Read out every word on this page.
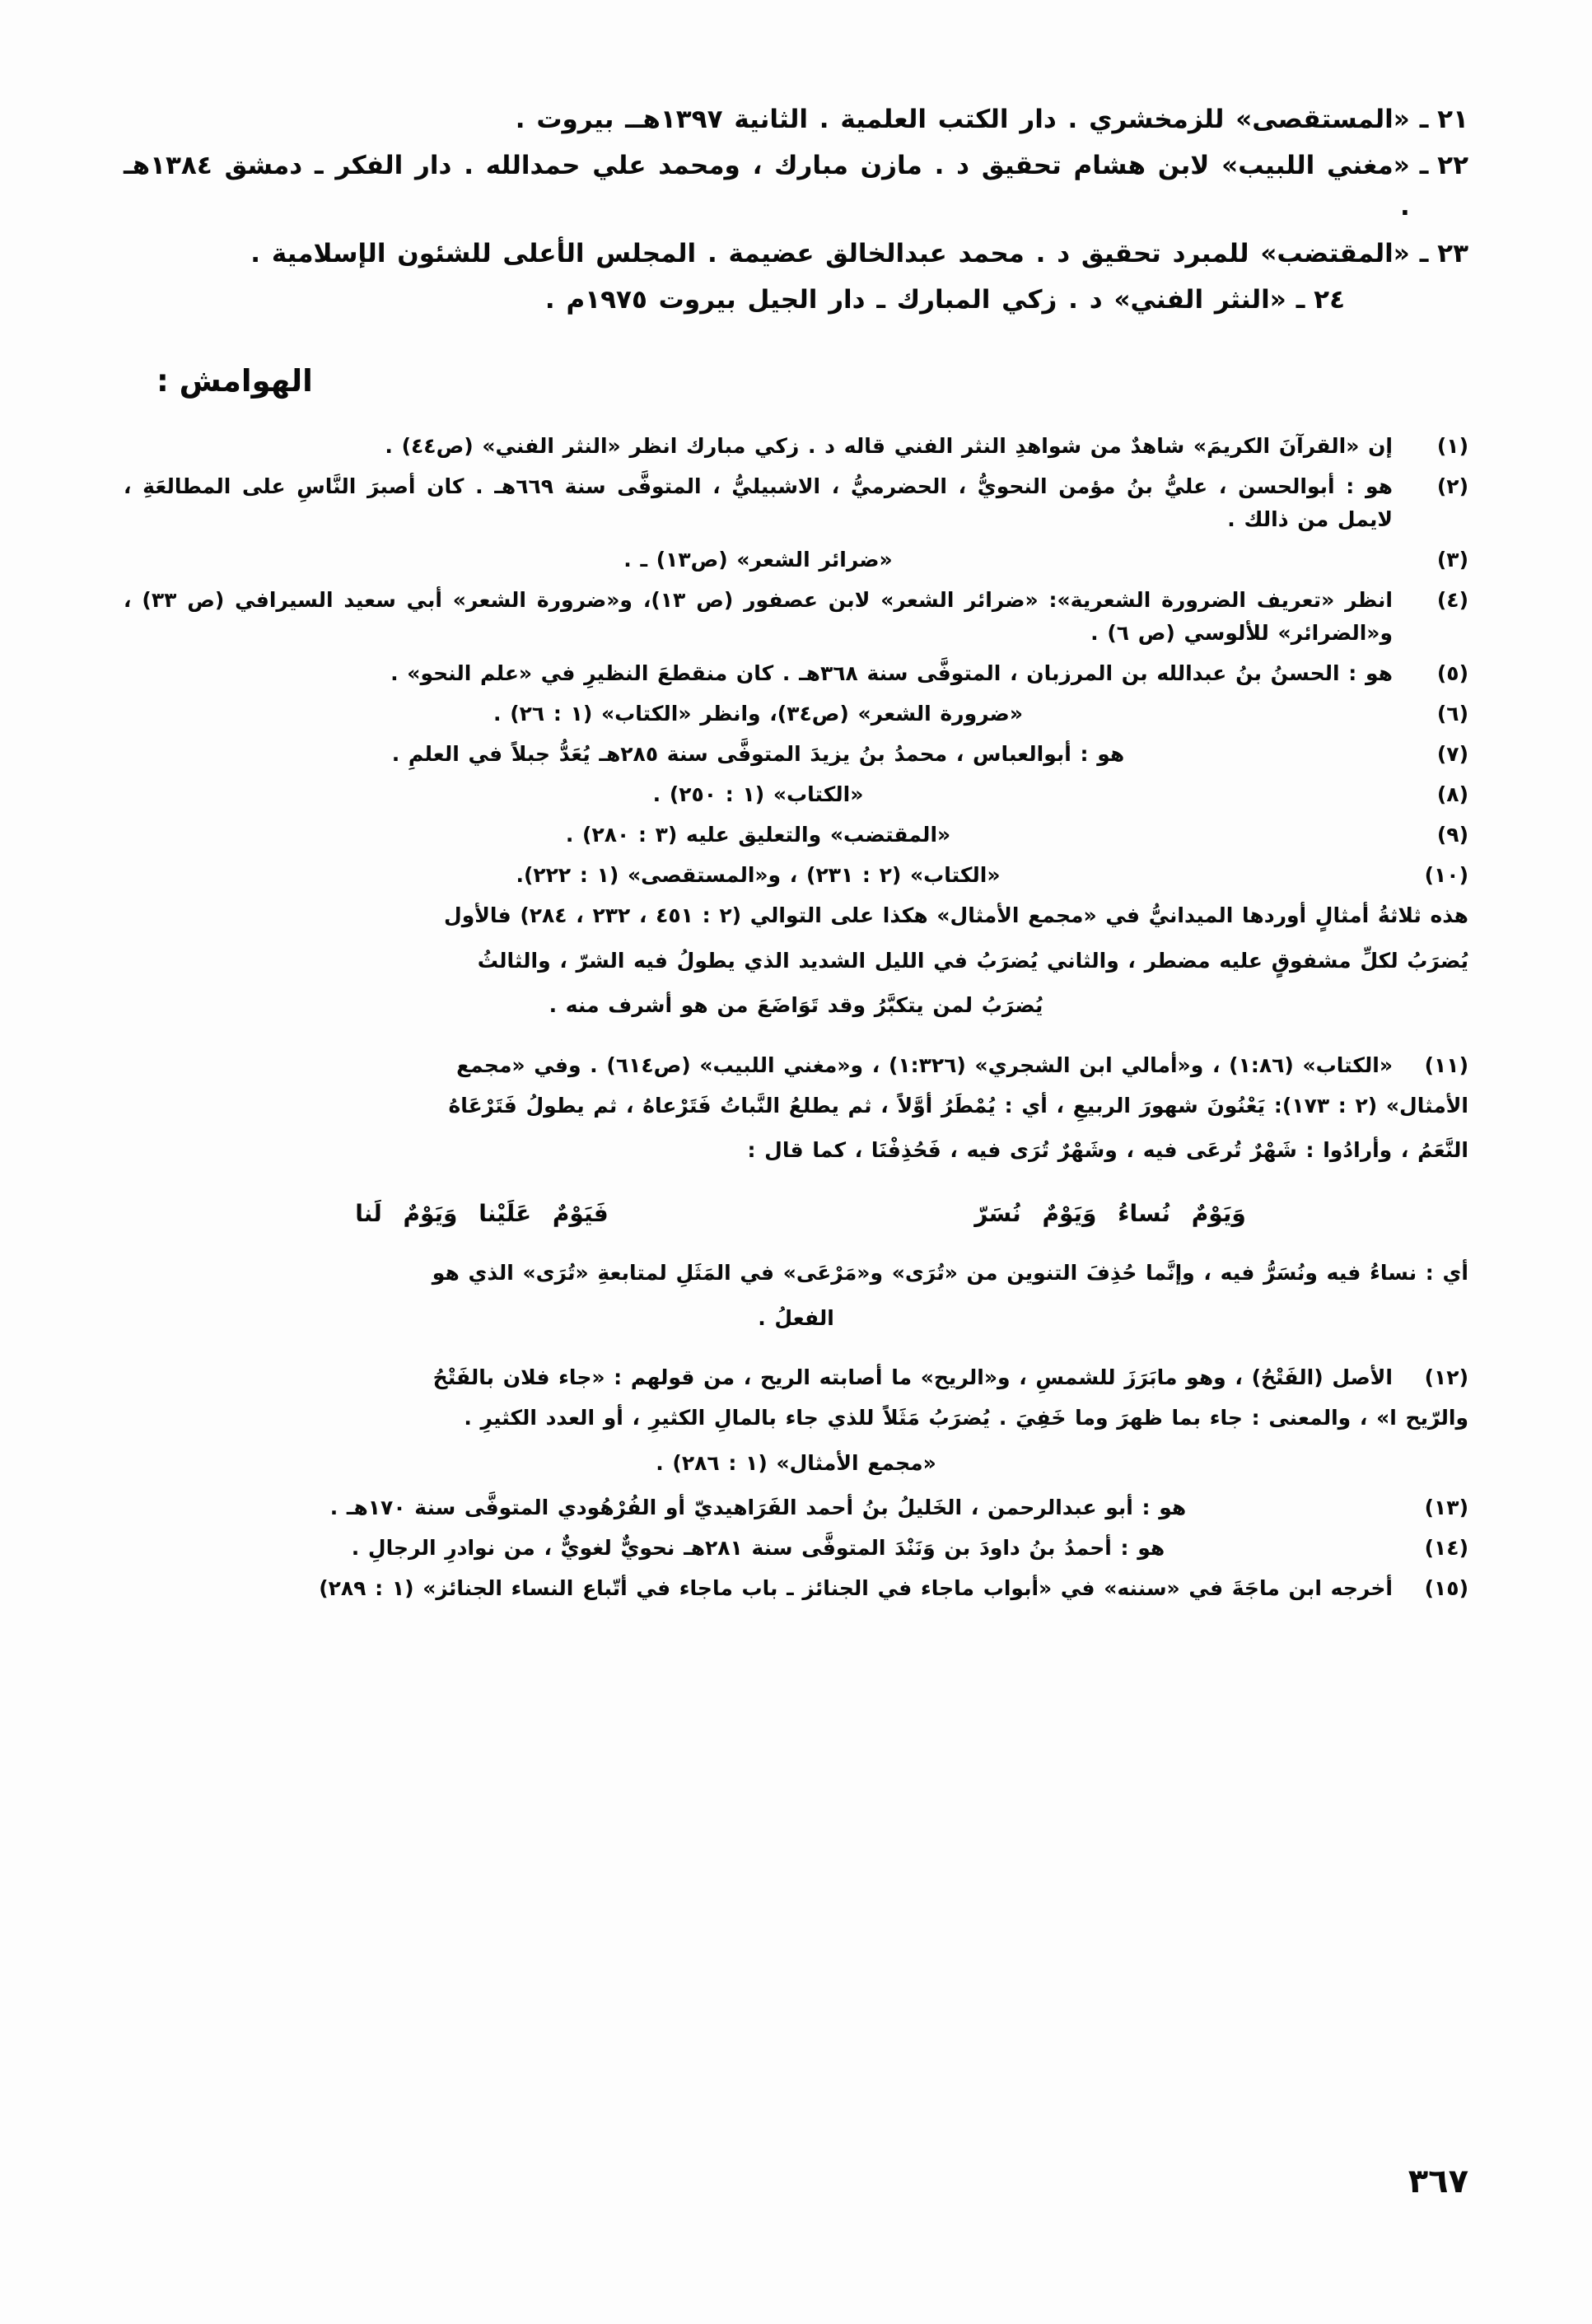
٢١ ـ
«المستقصى» للزمخشري . دار الكتب العلمية . الثانية ١٣٩٧هــ بيروت .
٢٢ ـ
«مغني اللبيب» لابن هشام تحقيق د . مازن مبارك ، ومحمد علي حمدالله . دار الفكر ـ دمشق ١٣٨٤هـ .
٢٣ ـ
«المقتضب» للمبرد تحقيق د . محمد عبدالخالق عضيمة . المجلس الأعلى للشئون الإسلامية .
٢٤ ـ
«النثر الفني» د . زكي المبارك ـ دار الجيل بيروت ١٩٧٥م .
الهوامش :
(١)
إن «القرآنَ الكريمَ» شاهدٌ من شواهدِ النثر الفني قاله د . زكي مبارك انظر «النثر الفني» (ص٤٤) .
(٢)
هو : أبوالحسن ، عليُّ بنُ مؤمن النحويُّ ، الحضرميُّ ، الاشبيليُّ ، المتوفَّى سنة ٦٦٩هـ . كان أصبرَ النَّاسِ على المطالعَةِ ، لايمل من ذالك .
(٣)
«ضرائر الشعر» (ص١٣) ـ .
(٤)
انظر «تعريف الضرورة الشعرية»: «ضرائر الشعر» لابن عصفور (ص ١٣)، و«ضرورة الشعر» أبي سعيد السيرافي (ص ٣٣) ، و«الضرائر» للألوسي (ص ٦) .
(٥)
هو : الحسنُ بنُ عبدالله بن المرزبان ، المتوفَّى سنة ٣٦٨هـ . كان منقطعَ النظيرِ في «علم النحو» .
(٦)
«ضرورة الشعر» (ص٣٤)، وانظر «الكتاب» (١ : ٢٦) .
(٧)
هو : أبوالعباس ، محمدُ بنُ يزيدَ المتوفَّى سنة ٢٨٥هـ يُعَدُّ جبلاً في العلمِ .
(٨)
«الكتاب» (١ : ٢٥٠) .
(٩)
«المقتضب» والتعليق عليه (٣ : ٢٨٠) .
(١٠)
«الكتاب» (٢ : ٢٣١) ، و«المستقصى» (١ : ٢٢٢).
هذه ثلاثةُ أمثالٍ أوردها الميدانيُّ في «مجمع الأمثال» هكذا على التوالي (٢ : ٤٥١ ، ٢٣٢ ، ٢٨٤) فالأول
يُضرَبُ لكلِّ مشفوقٍ عليه مضطر ، والثاني يُضرَبُ في الليل الشديد الذي يطولُ فيه الشرّ ، والثالثُ
يُضرَبُ لمن يتكبَّرُ وقد تَوَاضَعَ من هو أشرف منه .
(١١)
«الكتاب» (١:٨٦) ، و«أمالي ابن الشجري» (١:٣٢٦) ، و«مغني اللبيب» (ص٦١٤) . وفي «مجمع
الأمثال» (٢ : ١٧٣): يَعْنُونَ شهورَ الربيعِ ، أي : يُمْطَرُ أوَّلاً ، ثم يطلعُ النَّباتُ فَتَرْعاهُ ، ثم يطولُ فَتَرْعَاهُ
النَّعَمُ ، وأرادُوا : شَهْرٌ تُرعَى فيه ، وشَهْرٌ تُرَى فيه ، فَحُذِفْنَا ، كما قال :
وَيَوْمٌ نُساءُ وَيَوْمٌ نُسَرّ
فَيَوْمٌ عَلَيْنا وَيَوْمٌ لَنا
أي : نساءُ فيه ونُسَرُّ فيه ، وإنَّما حُذِفَ التنوين من «تُرَى» و«مَرْعَى» في المَثَلِ لمتابعةِ «تُرَى» الذي هو
الفعلُ .
(١٢)
الأصل (الفَتْحُ) ، وهو مابَرَزَ للشمسِ ، و«الريح» ما أصابته الريح ، من قولهم : «جاء فلان بالفَتْحُ
والرّيح ا» ، والمعنى : جاء بما ظهرَ وما خَفِيَ . يُضرَبُ مَثَلاً للذي جاء بالمالِ الكثيرِ ، أو العدد الكثيرِ .
«مجمع الأمثال» (١ : ٢٨٦) .
(١٣)
هو : أبو عبدالرحمن ، الخَليلُ بنُ أحمد الفَرَاهيديّ أو الفُرْهُودي المتوفَّى سنة ١٧٠هـ .
(١٤)
هو : أحمدُ بنُ داودَ بن وَنَنْدَ المتوفَّى سنة ٢٨١هـ نحويٌّ لغويٌّ ، من نوادرِ الرجالِ .
(١٥)
أخرجه ابن ماجَةَ في «سننه» في «أبواب ماجاء في الجنائز ـ باب ماجاء في أتّباع النساء الجنائز» (١ : ٢٨٩)
٣٦٧
